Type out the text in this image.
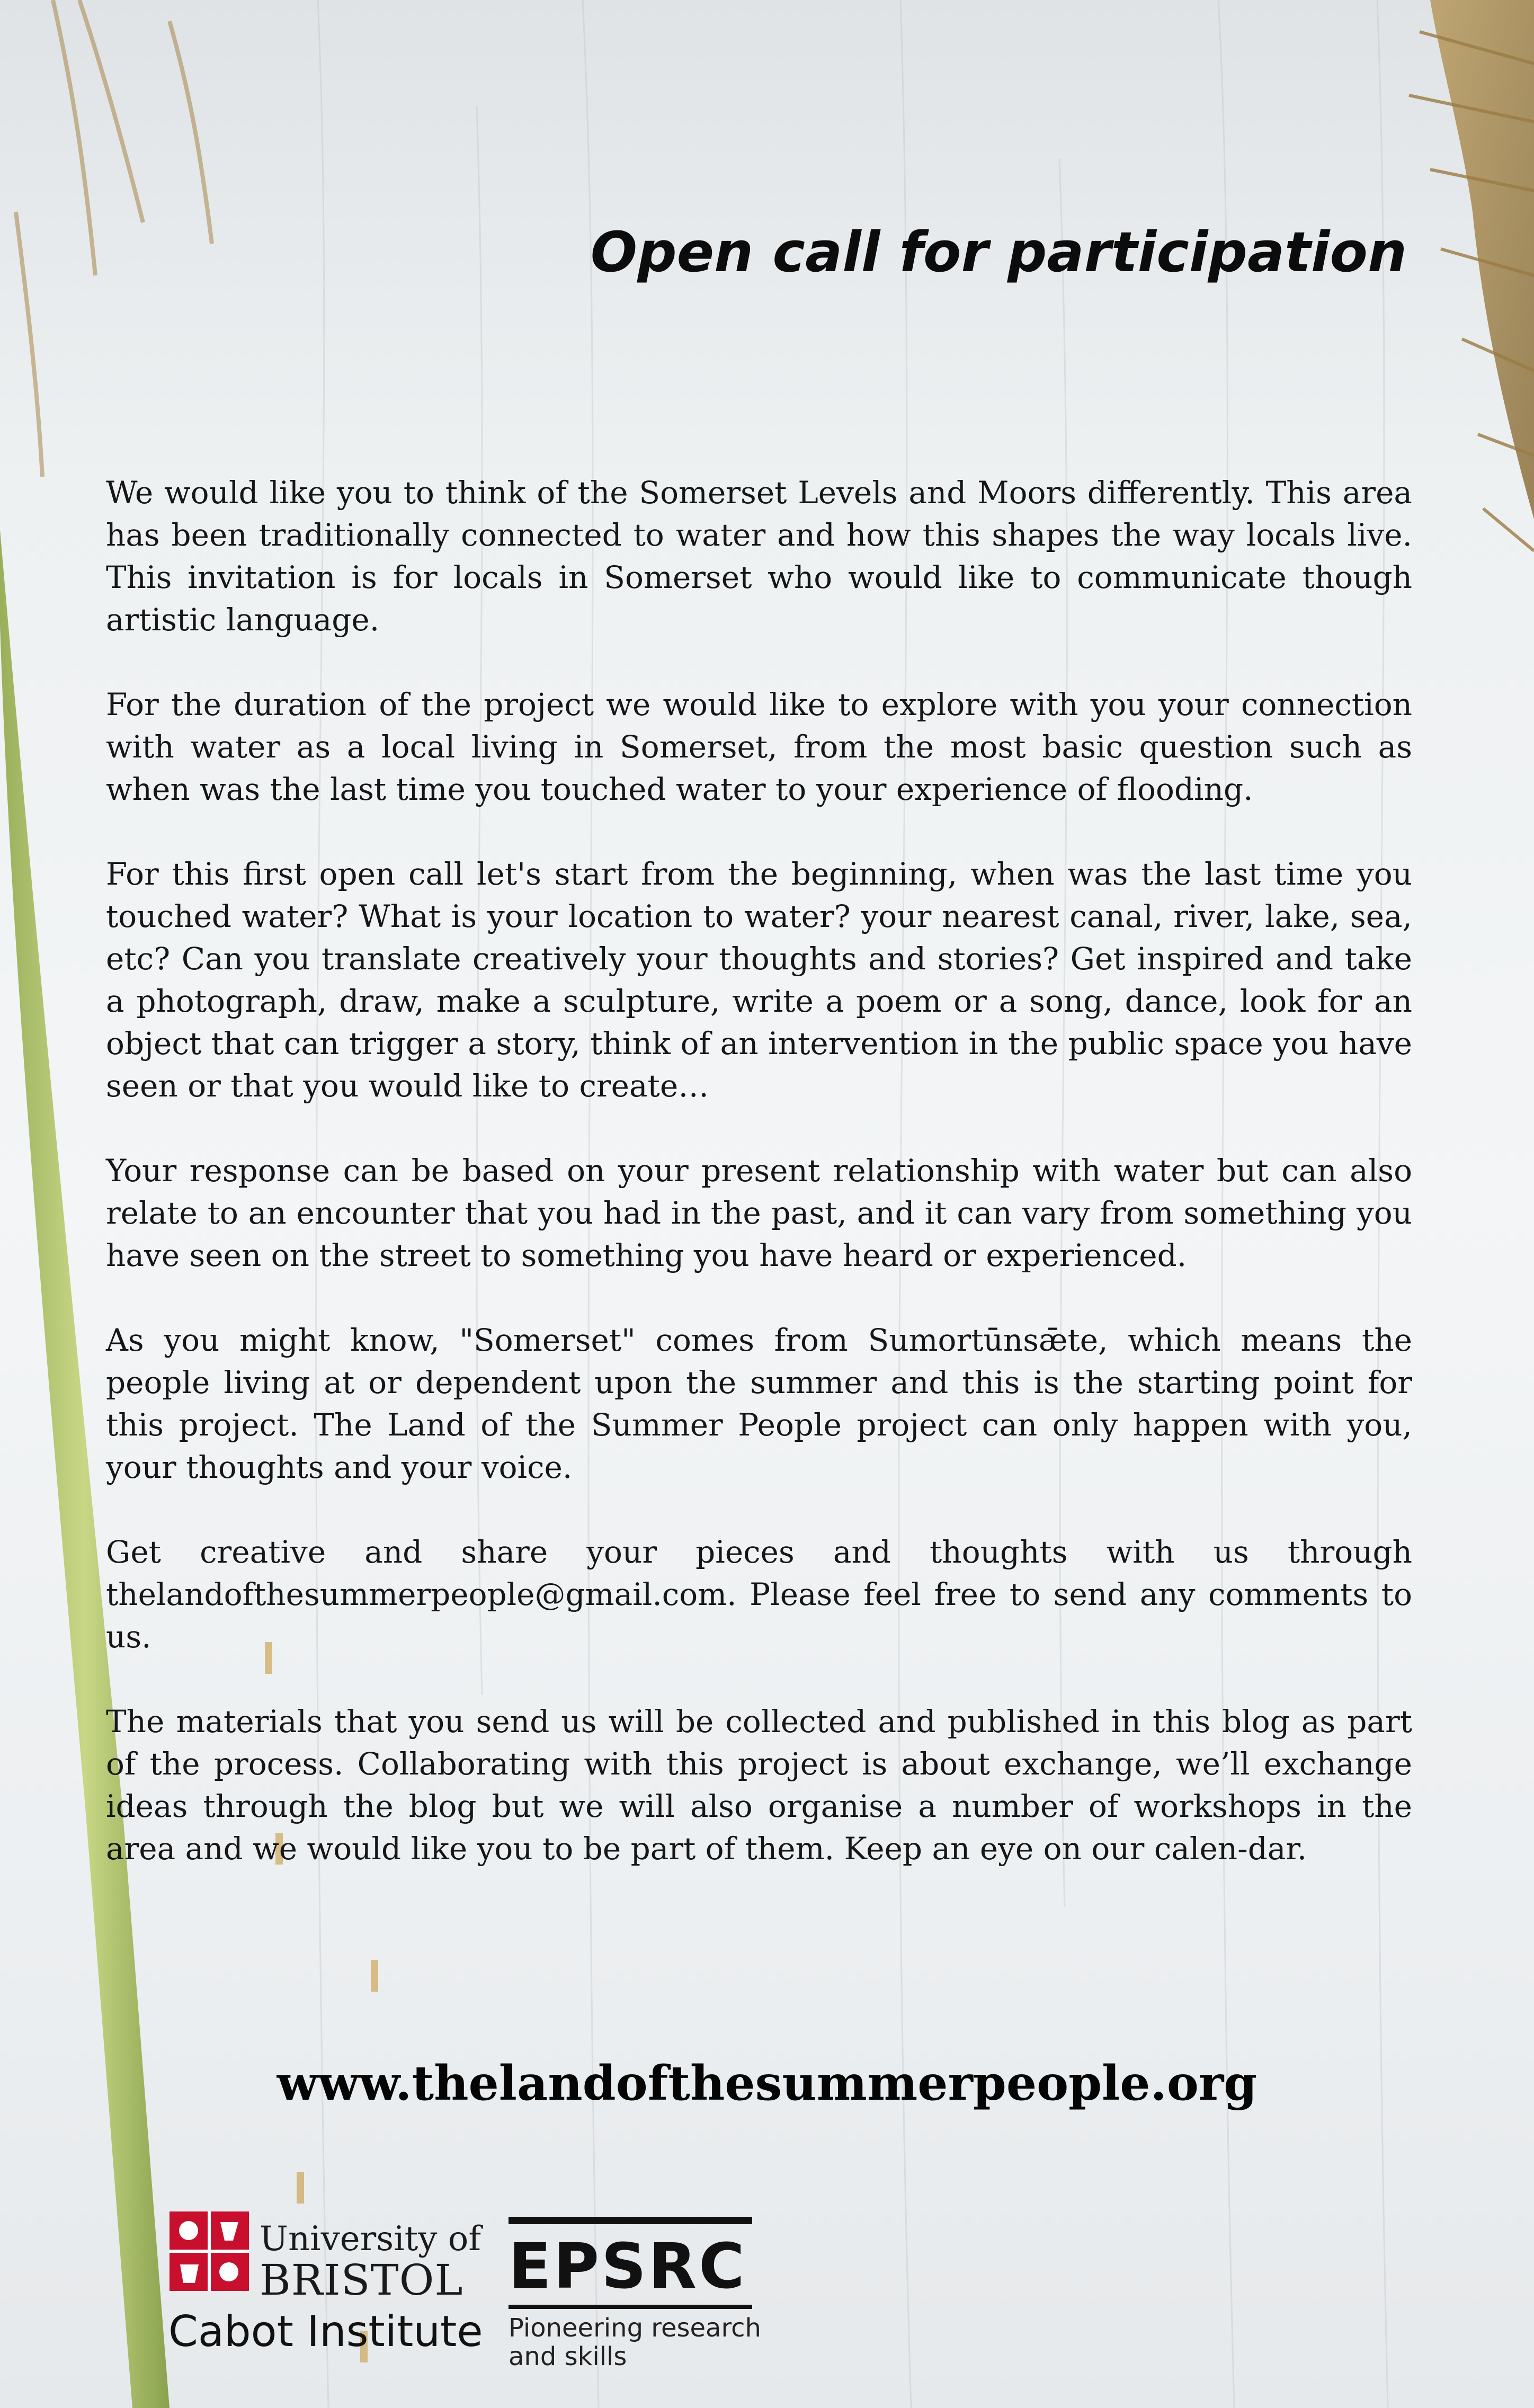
Open call for participation

We would like you to think of the Somerset Levels and Moors differently. This area has been traditionally connected to water and how this shapes the way locals live. This invitation is for locals in Somerset who would like to communicate though artistic language.

For the duration of the project we would like to explore with you your connection with water as a local living in Somerset, from the most basic question such as when was the last time you touched water to your experience of flooding.

For this first open call let's start from the beginning, when was the last time you touched water? What is your location to water? your nearest canal, river, lake, sea, etc? Can you translate creatively your thoughts and stories? Get inspired and take a photograph, draw, make a sculpture, write a poem or a song, dance, look for an object that can trigger a story, think of an intervention in the public space you have seen or that you would like to create…

Your response can be based on your present relationship with water but can also relate to an encounter that you had in the past, and it can vary from something you have seen on the street to something you have heard or experienced.

As you might know, "Somerset" comes from Sumortūnsǣte, which means the people living at or dependent upon the summer and this is the starting point for this project. The Land of the Summer People project can only happen with you, your thoughts and your voice.

Get creative and share your pieces and thoughts with us through thelandofthesummerpeople@gmail.com. Please feel free to send any comments to us.

The materials that you send us will be collected and published in this blog as part of the process. Collaborating with this project is about exchange, we’ll exchange ideas through the blog but we will also organise a number of workshops in the area and we would like you to be part of them. Keep an eye on our calen-dar.

www.thelandofthesummerpeople.org
University of
BRISTOL
Cabot Institute
EPSRC
Pioneering research
and skills
